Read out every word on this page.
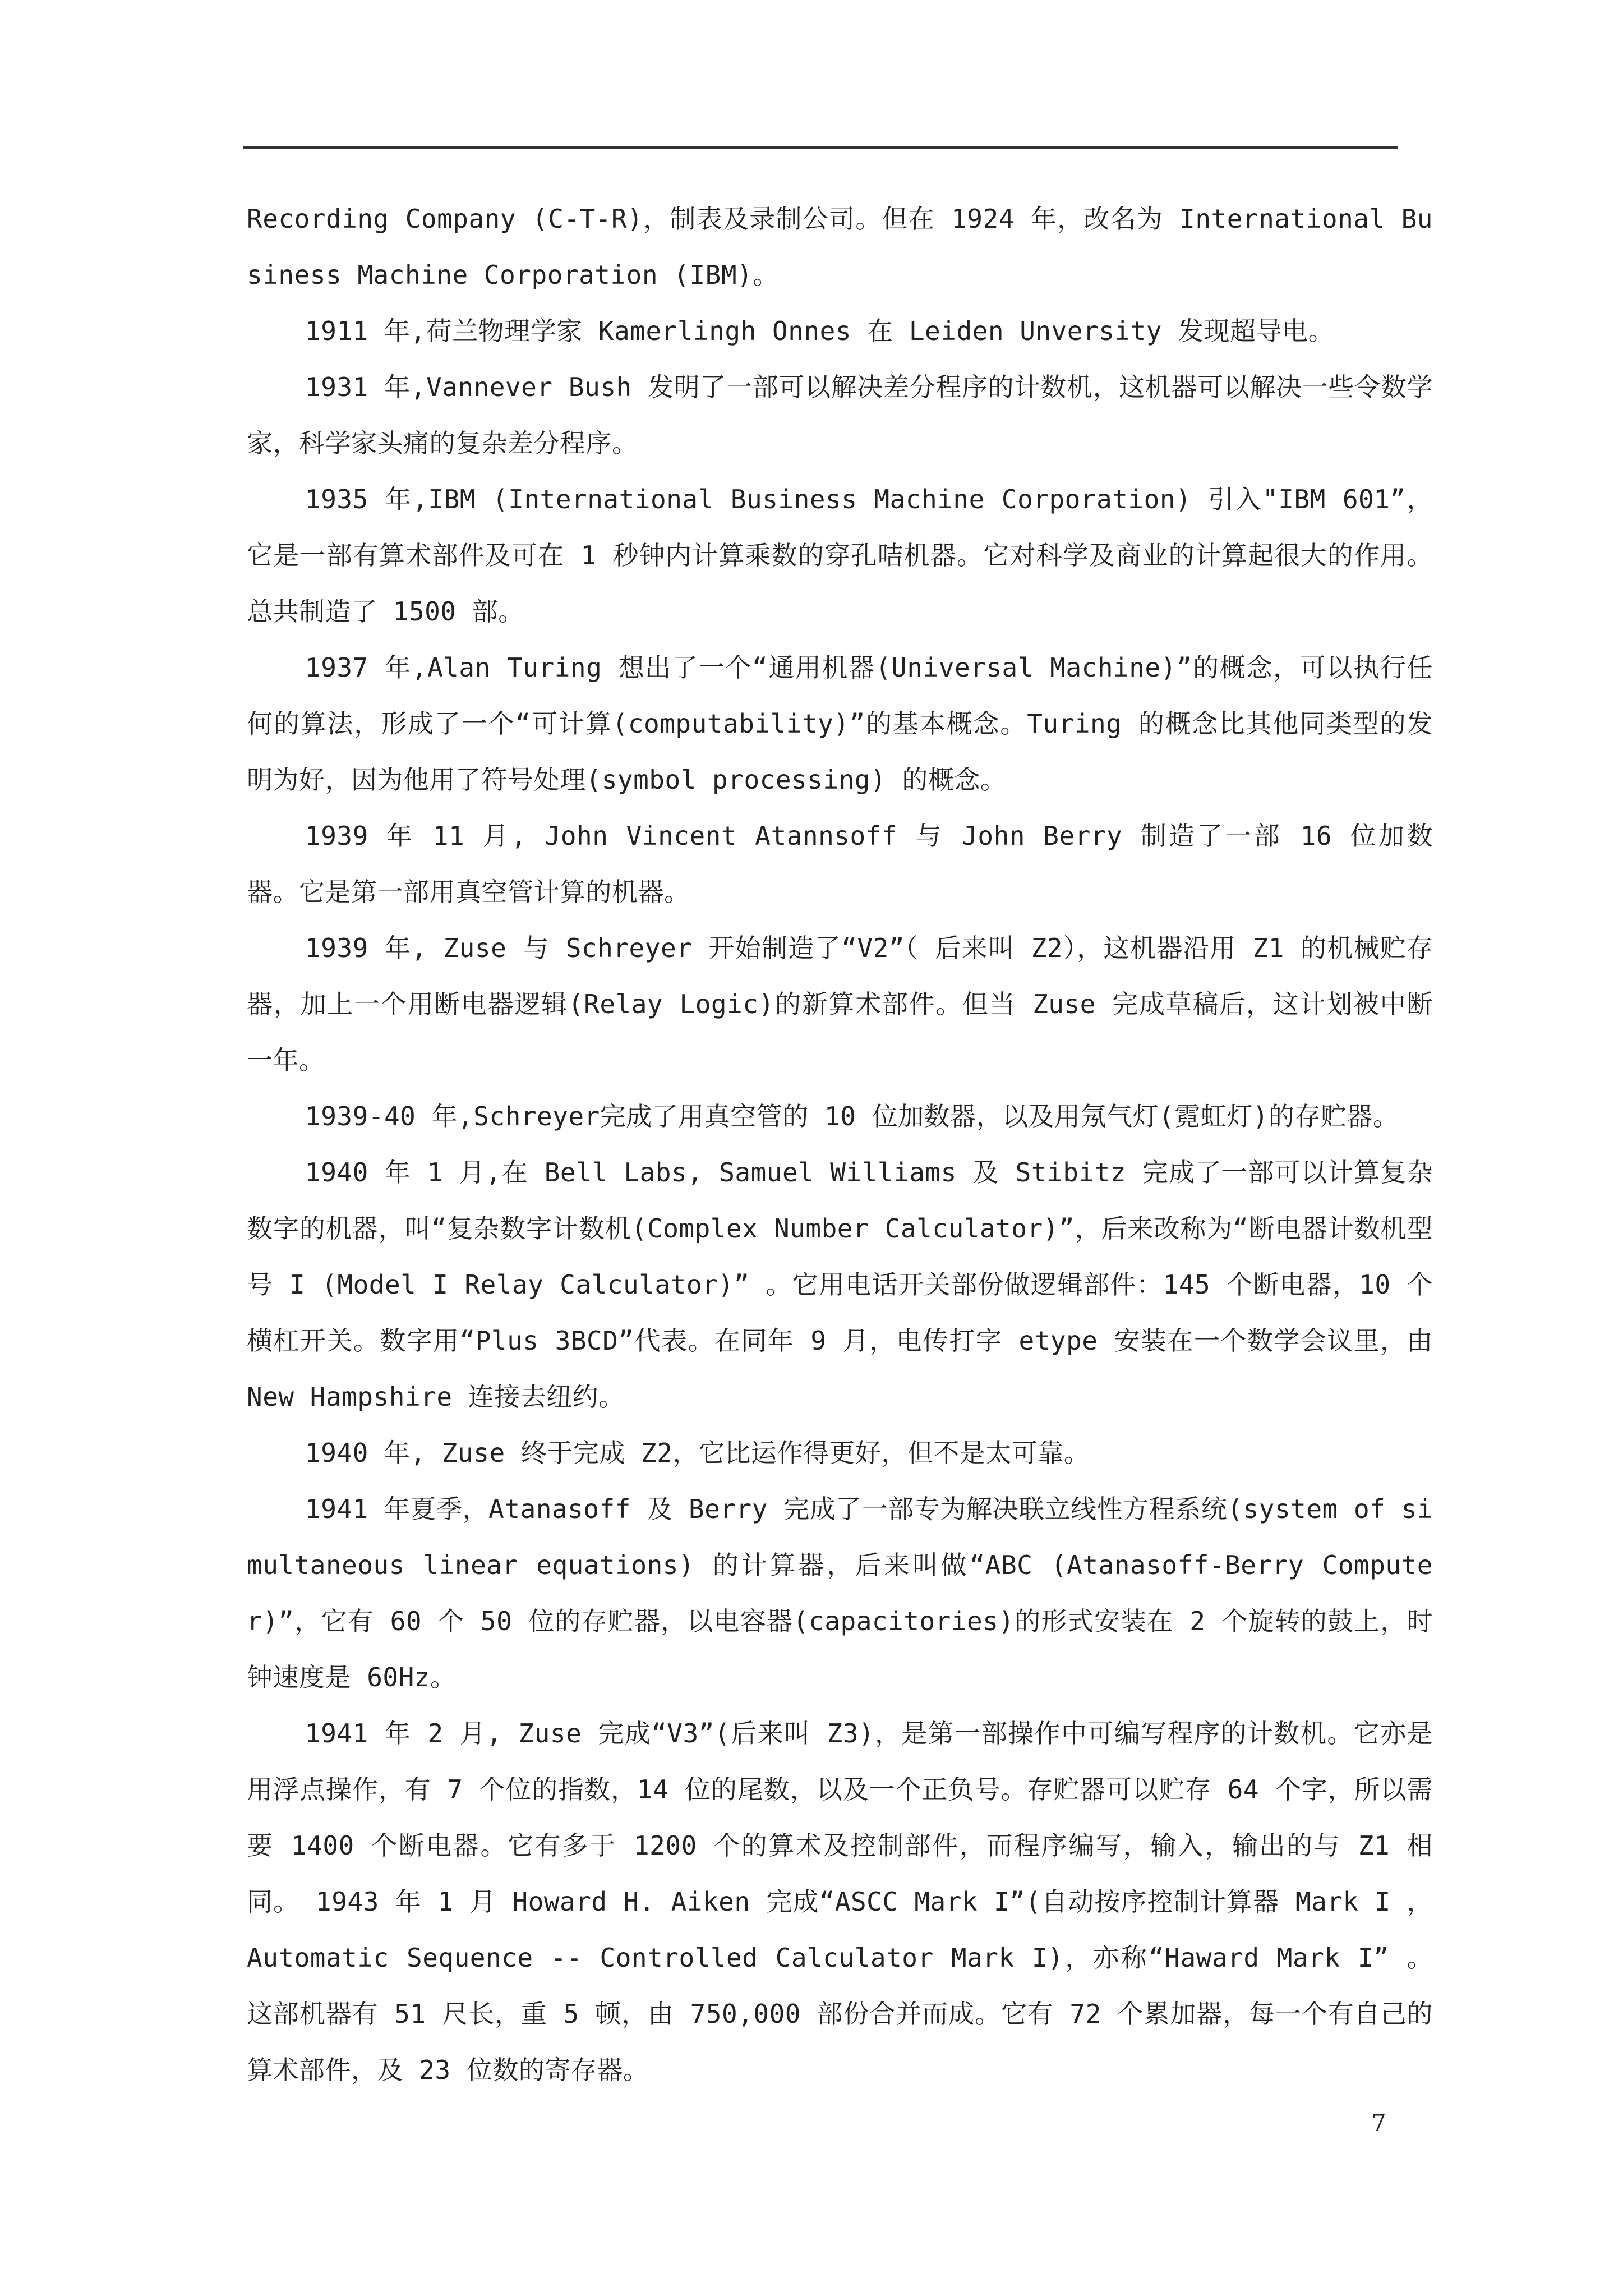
Recording Company (C-T-R)，制表及录制公司。但在 1924 年，改名为 International Business Machine Corporation (IBM)。

1911 年,荷兰物理学家 Kamerlingh Onnes 在 Leiden Unversity 发现超导电。

1931 年,Vannever Bush 发明了一部可以解决差分程序的计数机，这机器可以解决一些令数学家，科学家头痛的复杂差分程序。

1935 年,IBM (International Business Machine Corporation) 引入"IBM 601”，它是一部有算术部件及可在 1 秒钟内计算乘数的穿孔咭机器。它对科学及商业的计算起很大的作用。总共制造了 1500 部。

1937 年,Alan Turing 想出了一个“通用机器(Universal Machine)”的概念，可以执行任何的算法，形成了一个“可计算(computability)”的基本概念。Turing 的概念比其他同类型的发明为好，因为他用了符号处理(symbol processing) 的概念。

1939 年 11 月, John Vincent Atannsoff 与 John Berry 制造了一部 16 位加数器。它是第一部用真空管计算的机器。

1939 年, Zuse 与 Schreyer 开始制造了“V2”（ 后来叫 Z2），这机器沿用 Z1 的机械贮存器，加上一个用断电器逻辑(Relay Logic)的新算术部件。但当 Zuse 完成草稿后，这计划被中断一年。

1939-40 年,Schreyer完成了用真空管的 10 位加数器，以及用氖气灯(霓虹灯)的存贮器。

1940 年 1 月,在 Bell Labs, Samuel Williams 及 Stibitz 完成了一部可以计算复杂数字的机器，叫“复杂数字计数机(Complex Number Calculator)”，后来改称为“断电器计数机型号 I (Model I Relay Calculator)” 。它用电话开关部份做逻辑部件：145 个断电器，10 个横杠开关。数字用“Plus 3BCD”代表。在同年 9 月，电传打字 etype 安装在一个数学会议里，由 New Hampshire 连接去纽约。

1940 年, Zuse 终于完成 Z2，它比运作得更好，但不是太可靠。

1941 年夏季，Atanasoff 及 Berry 完成了一部专为解决联立线性方程系统(system of simultaneous linear equations) 的计算器，后来叫做“ABC (Atanasoff-Berry Computer)”，它有 60 个 50 位的存贮器，以电容器(capacitories)的形式安装在 2 个旋转的鼓上，时钟速度是 60Hz。

1941 年 2 月, Zuse 完成“V3”(后来叫 Z3)，是第一部操作中可编写程序的计数机。它亦是用浮点操作，有 7 个位的指数，14 位的尾数，以及一个正负号。存贮器可以贮存 64 个字，所以需要 1400 个断电器。它有多于 1200 个的算术及控制部件，而程序编写，输入，输出的与 Z1 相同。 1943 年 1 月 Howard H. Aiken 完成“ASCC Mark I”(自动按序控制计算器 Mark I ，Automatic Sequence -- Controlled Calculator Mark I)，亦称“Haward Mark I” 。这部机器有 51 尺长，重 5 顿，由 750,000 部份合并而成。它有 72 个累加器，每一个有自己的算术部件，及 23 位数的寄存器。

7
